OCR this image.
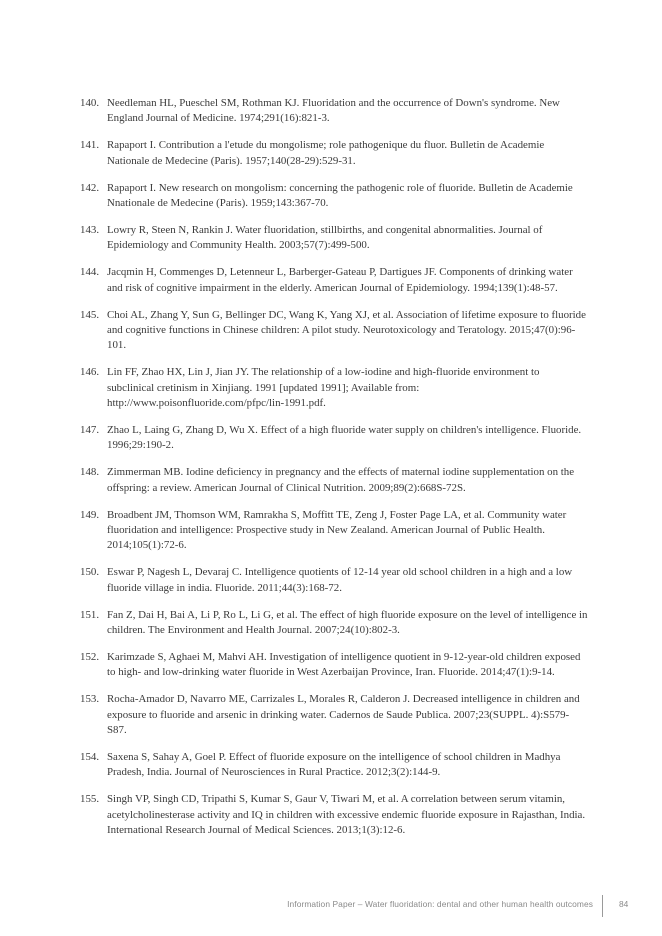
140. Needleman HL, Pueschel SM, Rothman KJ. Fluoridation and the occurrence of Down's syndrome. New England Journal of Medicine. 1974;291(16):821-3.
141. Rapaport I. Contribution a l'etude du mongolisme; role pathogenique du fluor. Bulletin de Academie Nationale de Medecine (Paris). 1957;140(28-29):529-31.
142. Rapaport I. New research on mongolism: concerning the pathogenic role of fluoride. Bulletin de Academie Nnationale de Medecine (Paris). 1959;143:367-70.
143. Lowry R, Steen N, Rankin J. Water fluoridation, stillbirths, and congenital abnormalities. Journal of Epidemiology and Community Health. 2003;57(7):499-500.
144. Jacqmin H, Commenges D, Letenneur L, Barberger-Gateau P, Dartigues JF. Components of drinking water and risk of cognitive impairment in the elderly. American Journal of Epidemiology. 1994;139(1):48-57.
145. Choi AL, Zhang Y, Sun G, Bellinger DC, Wang K, Yang XJ, et al. Association of lifetime exposure to fluoride and cognitive functions in Chinese children: A pilot study. Neurotoxicology and Teratology. 2015;47(0):96-101.
146. Lin FF, Zhao HX, Lin J, Jian JY. The relationship of a low-iodine and high-fluoride environment to subclinical cretinism in Xinjiang. 1991 [updated 1991]; Available from: http://www.poisonfluoride.com/pfpc/lin-1991.pdf.
147. Zhao L, Laing G, Zhang D, Wu X. Effect of a high fluoride water supply on children's intelligence. Fluoride. 1996;29:190-2.
148. Zimmerman MB. Iodine deficiency in pregnancy and the effects of maternal iodine supplementation on the offspring: a review. American Journal of Clinical Nutrition. 2009;89(2):668S-72S.
149. Broadbent JM, Thomson WM, Ramrakha S, Moffitt TE, Zeng J, Foster Page LA, et al. Community water fluoridation and intelligence: Prospective study in New Zealand. American Journal of Public Health. 2014;105(1):72-6.
150. Eswar P, Nagesh L, Devaraj C. Intelligence quotients of 12-14 year old school children in a high and a low fluoride village in india. Fluoride. 2011;44(3):168-72.
151. Fan Z, Dai H, Bai A, Li P, Ro L, Li G, et al. The effect of high fluoride exposure on the level of intelligence in children. The Environment and Health Journal. 2007;24(10):802-3.
152. Karimzade S, Aghaei M, Mahvi AH. Investigation of intelligence quotient in 9-12-year-old children exposed to high- and low-drinking water fluoride in West Azerbaijan Province, Iran. Fluoride. 2014;47(1):9-14.
153. Rocha-Amador D, Navarro ME, Carrizales L, Morales R, Calderon J. Decreased intelligence in children and exposure to fluoride and arsenic in drinking water. Cadernos de Saude Publica. 2007;23(SUPPL. 4):S579-S87.
154. Saxena S, Sahay A, Goel P. Effect of fluoride exposure on the intelligence of school children in Madhya Pradesh, India. Journal of Neurosciences in Rural Practice. 2012;3(2):144-9.
155. Singh VP, Singh CD, Tripathi S, Kumar S, Gaur V, Tiwari M, et al. A correlation between serum vitamin, acetylcholinesterase activity and IQ in children with excessive endemic fluoride exposure in Rajasthan, India. International Research Journal of Medical Sciences. 2013;1(3):12-6.
Information Paper – Water fluoridation: dental and other human health outcomes	84
